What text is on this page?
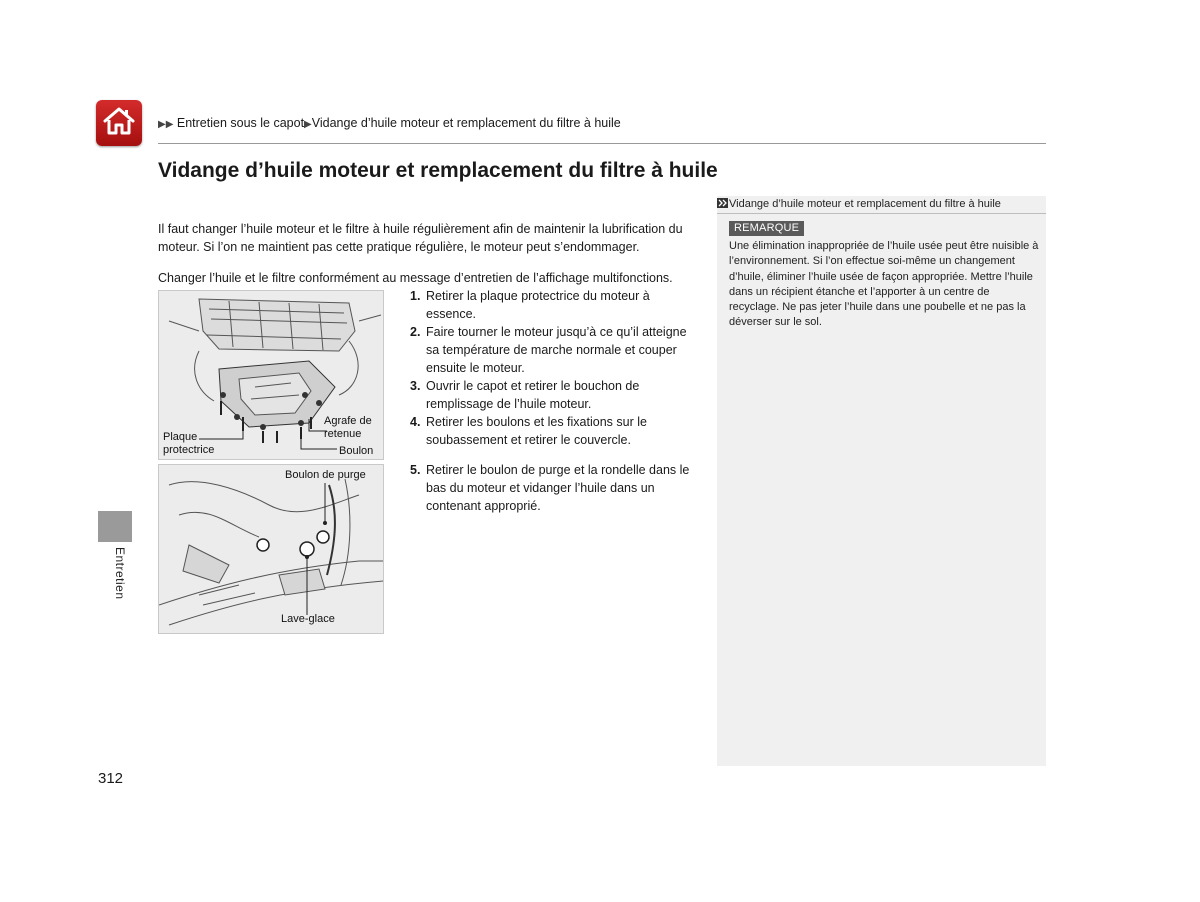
▶▶ Entretien sous le capot▶Vidange d’huile moteur et remplacement du filtre à huile
Vidange d’huile moteur et remplacement du filtre à huile
Il faut changer l’huile moteur et le filtre à huile régulièrement afin de maintenir la lubrification du moteur. Si l’on ne maintient pas cette pratique régulière, le moteur peut s’endommager.
Changer l’huile et le filtre conformément au message d’entretien de l’affichage multifonctions.
Plaque protectrice
Agrafe de retenue
Boulon
Boulon de purge
Lave-glace
1. Retirer la plaque protectrice du moteur à essence.
2. Faire tourner le moteur jusqu’à ce qu’il atteigne sa température de marche normale et couper ensuite le moteur.
3. Ouvrir le capot et retirer le bouchon de remplissage de l’huile moteur.
4. Retirer les boulons et les fixations sur le soubassement et retirer le couvercle.
5. Retirer le boulon de purge et la rondelle dans le bas du moteur et vidanger l’huile dans un contenant approprié.
Vidange d’huile moteur et remplacement du filtre à huile
REMARQUE
Une élimination inappropriée de l’huile usée peut être nuisible à l’environnement. Si l’on effectue soi-même un changement d’huile, éliminer l’huile usée de façon appropriée. Mettre l’huile dans un récipient étanche et l’apporter à un centre de recyclage. Ne pas jeter l’huile dans une poubelle et ne pas la déverser sur le sol.
Entretien
312
